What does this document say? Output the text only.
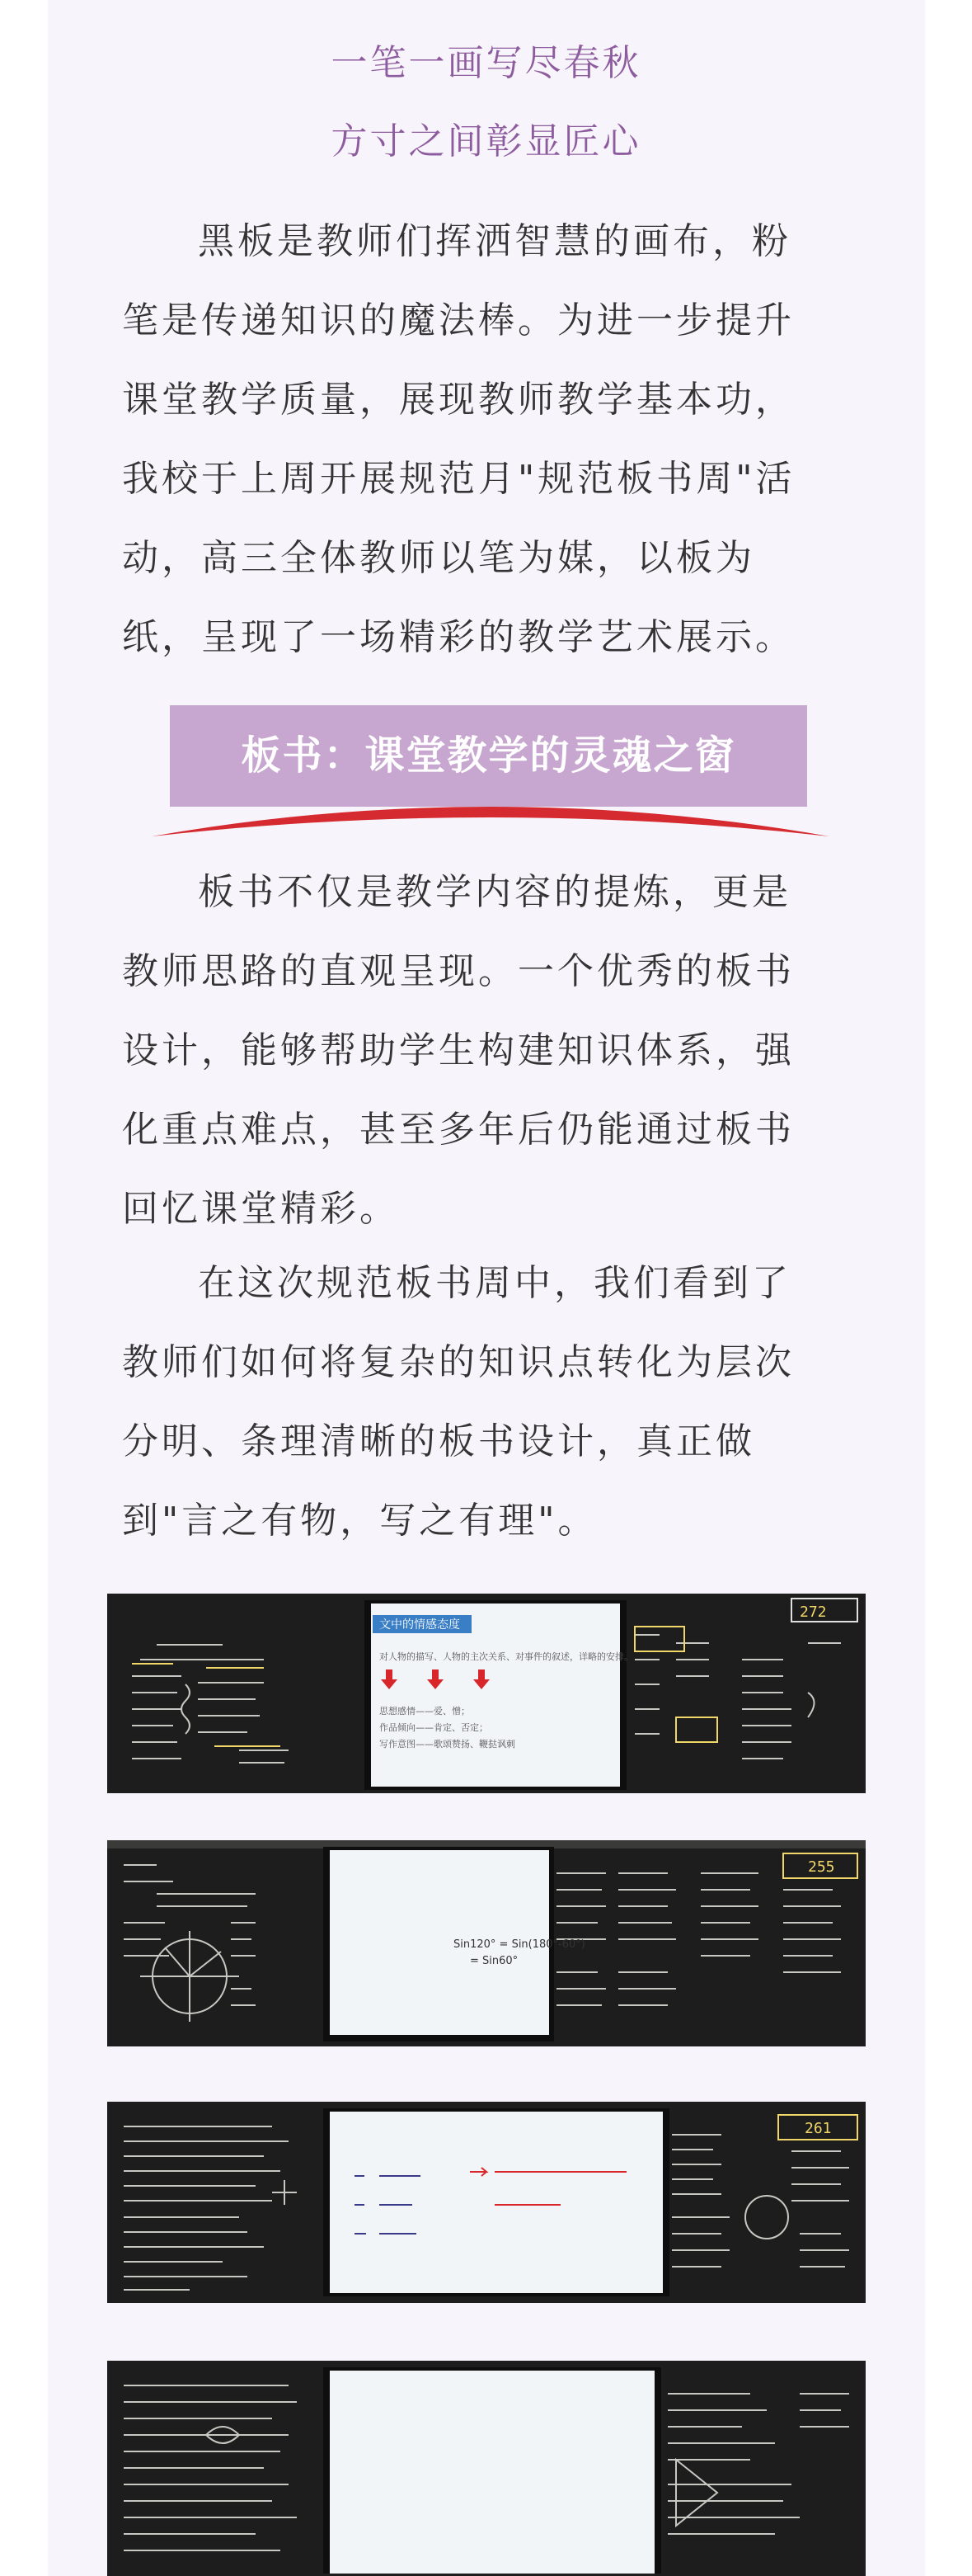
一笔一画写尽春秋
方寸之间彰显匠心
黑板是教师们挥洒智慧的画布，粉
笔是传递知识的魔法棒。为进一步提升
课堂教学质量，展现教师教学基本功，
我校于上周开展规范月"规范板书周"活
动，高三全体教师以笔为媒，以板为
纸，呈现了一场精彩的教学艺术展示。
板书：课堂教学的灵魂之窗
板书不仅是教学内容的提炼，更是
教师思路的直观呈现。一个优秀的板书
设计，能够帮助学生构建知识体系，强
化重点难点，甚至多年后仍能通过板书
回忆课堂精彩。
在这次规范板书周中，我们看到了
教师们如何将复杂的知识点转化为层次
分明、条理清晰的板书设计，真正做
到"言之有物，写之有理"。
文中的情感态度
对人物的描写、人物的主次关系、对事件的叙述，详略的安排。
思想感情——爱、憎；
作品倾向——肯定、否定；
写作意图——歌颂赞扬、鞭挞讽刺
272
Sin120° = Sin(180°-60°)
= Sin60°
255
261
